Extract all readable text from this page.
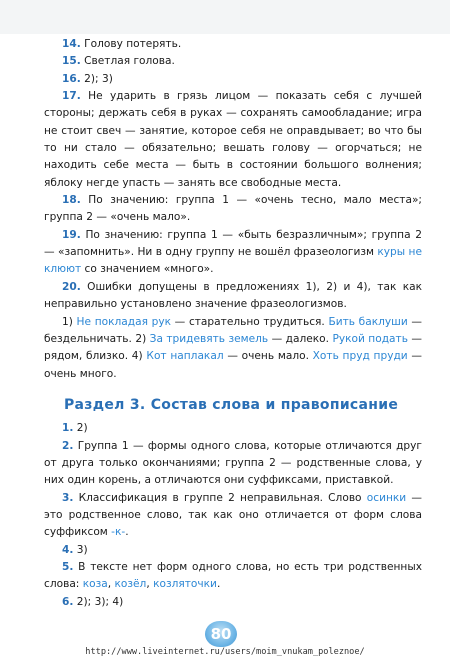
14. Голову потерять.

15. Светлая голова.

16. 2); 3)

17. Не ударить в грязь лицом — показать себя с лучшей стороны; держать себя в руках — сохранять самообладание; игра не стоит свеч — занятие, которое себя не оправдывает; во что бы то ни стало — обязательно; вешать голову — огорчаться; не находить себе места — быть в состоянии большого волнения; яблоку негде упасть — занять все свободные места.

18. По значению: группа 1 — «очень тесно, мало места»; группа 2 — «очень мало».

19. По значению: группа 1 — «быть безразличным»; группа 2 — «запомнить». Ни в одну группу не вошёл фразеологизм куры не клюют со значением «много».

20. Ошибки допущены в предложениях 1), 2) и 4), так как неправильно установлено значение фразеологизмов.

1) Не покладая рук — старательно трудиться. Бить баклуши — бездельничать. 2) За тридевять земель — далеко. Рукой подать — рядом, близко. 4) Кот наплакал — очень мало. Хоть пруд пруди — очень много.

Раздел 3. Состав слова и правописание

1. 2)

2. Группа 1 — формы одного слова, которые отличаются друг от друга только окончаниями; группа 2 — родственные слова, у них один корень, а отличаются они суффиксами, приставкой.

3. Классификация в группе 2 неправильная. Слово осинки — это родственное слово, так как оно отличается от форм слова суффиксом -к-.

4. 3)

5. В тексте нет форм одного слова, но есть три родственных слова: коза, козёл, козляточки.

6. 2); 3); 4)

80
http://www.liveinternet.ru/users/moim_vnukam_poleznoe/
